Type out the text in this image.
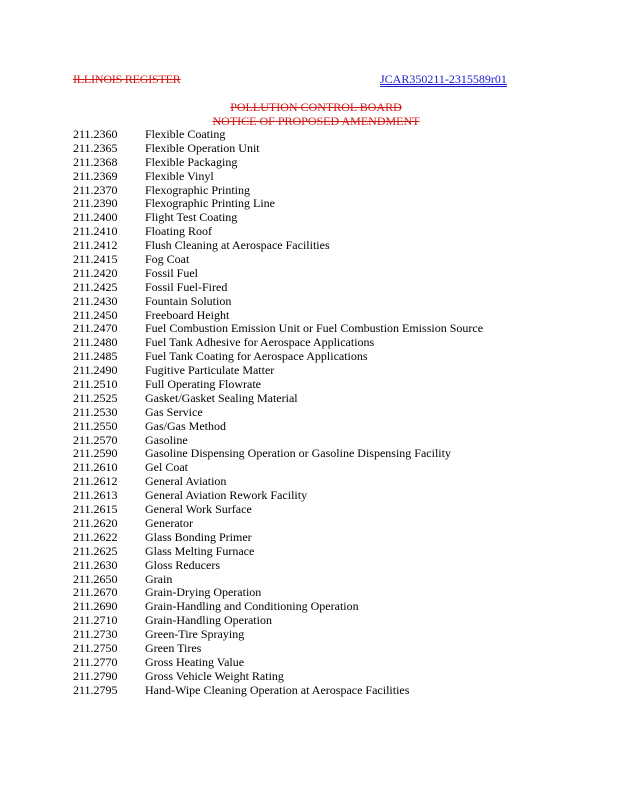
ILLINOIS REGISTER	JCAR350211-2315589r01
POLLUTION CONTROL BOARD
NOTICE OF PROPOSED AMENDMENT
211.2360	Flexible Coating
211.2365	Flexible Operation Unit
211.2368	Flexible Packaging
211.2369	Flexible Vinyl
211.2370	Flexographic Printing
211.2390	Flexographic Printing Line
211.2400	Flight Test Coating
211.2410	Floating Roof
211.2412	Flush Cleaning at Aerospace Facilities
211.2415	Fog Coat
211.2420	Fossil Fuel
211.2425	Fossil Fuel-Fired
211.2430	Fountain Solution
211.2450	Freeboard Height
211.2470	Fuel Combustion Emission Unit or Fuel Combustion Emission Source
211.2480	Fuel Tank Adhesive for Aerospace Applications
211.2485	Fuel Tank Coating for Aerospace Applications
211.2490	Fugitive Particulate Matter
211.2510	Full Operating Flowrate
211.2525	Gasket/Gasket Sealing Material
211.2530	Gas Service
211.2550	Gas/Gas Method
211.2570	Gasoline
211.2590	Gasoline Dispensing Operation or Gasoline Dispensing Facility
211.2610	Gel Coat
211.2612	General Aviation
211.2613	General Aviation Rework Facility
211.2615	General Work Surface
211.2620	Generator
211.2622	Glass Bonding Primer
211.2625	Glass Melting Furnace
211.2630	Gloss Reducers
211.2650	Grain
211.2670	Grain-Drying Operation
211.2690	Grain-Handling and Conditioning Operation
211.2710	Grain-Handling Operation
211.2730	Green-Tire Spraying
211.2750	Green Tires
211.2770	Gross Heating Value
211.2790	Gross Vehicle Weight Rating
211.2795	Hand-Wipe Cleaning Operation at Aerospace Facilities
